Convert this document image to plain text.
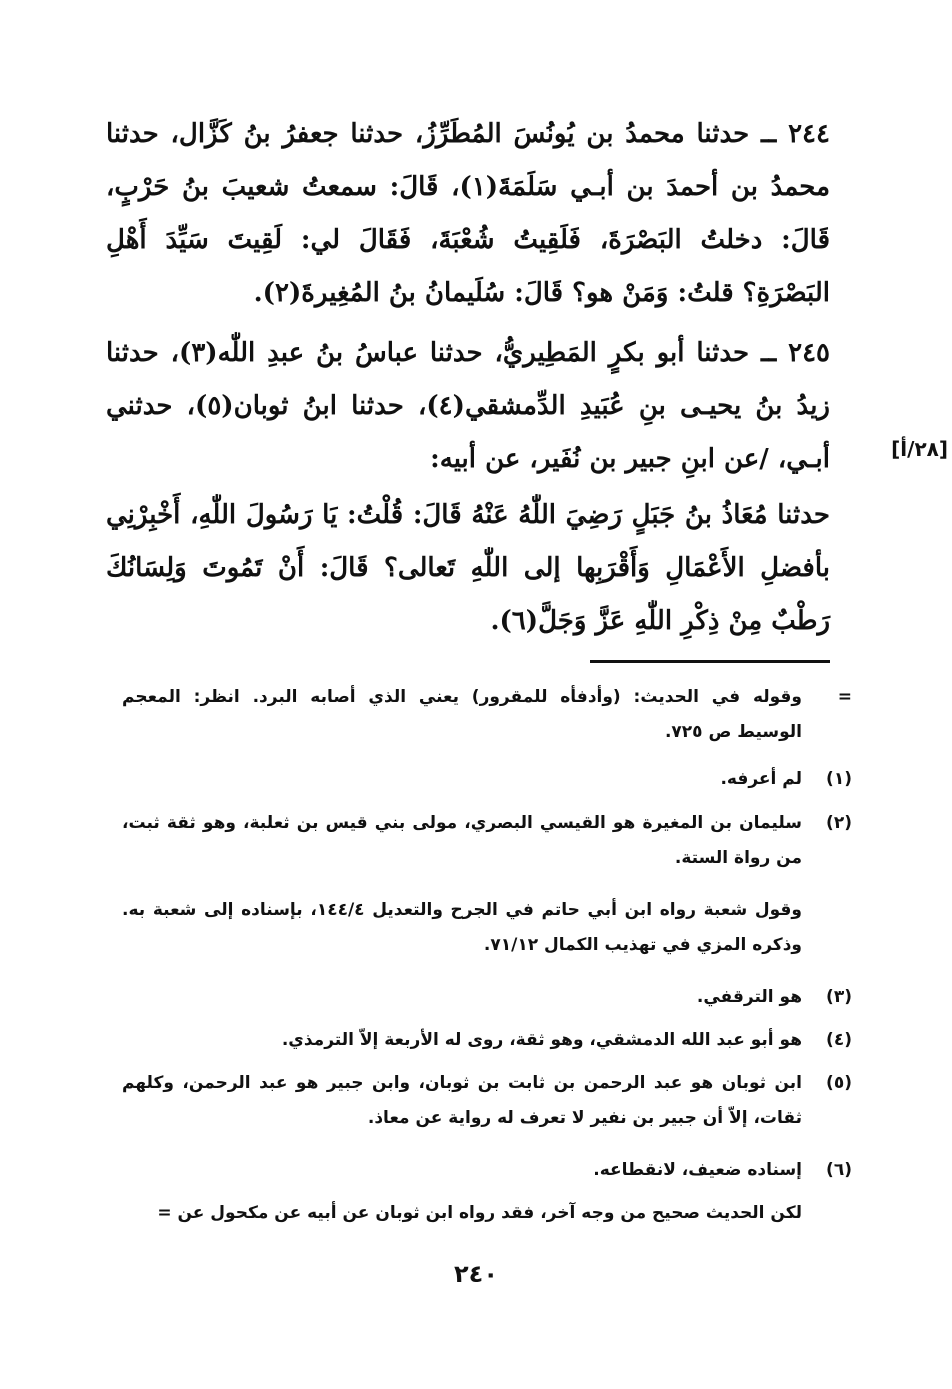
٢٤٤ ــ حدثنا محمدُ بن يُونُسَ المُطَرِّزُ، حدثنا جعفرُ بنُ كَزَّال، حدثنا محمدُ بن أحمدَ بن أبـي سَلَمَةَ(١)، قَالَ: سمعتُ شعيبَ بنُ حَرْبٍ، قَالَ: دخلتُ البَصْرَةَ، فَلَقِيتُ شُعْبَةَ، فَقَالَ لي: لَقِيتَ سَيِّدَ أَهْلِ البَصْرَةِ؟ قلتُ: وَمَنْ هو؟ قَالَ: سُلَيمانُ بنُ المُغِيرةَ(٢).
٢٤٥ ــ حدثنا أبو بكرٍ المَطِيريُّ، حدثنا عباسُ بنُ عبدِ اللّٰه(٣)، حدثنا زيدُ بنُ يحيـى بنِ عُبَيدِ الدِّمشقي(٤)، حدثنا ابنُ ثوبان(٥)، حدثني أبـي، /عن ابنِ جبير بن نُفَير، عن أبيه:
حدثنا مُعَاذُ بنُ جَبَلٍ رَضِيَ اللّٰهُ عَنْهُ قَالَ: قُلْتُ: يَا رَسُولَ اللّٰهِ، أَخْبِرْنِي بأفضلِ الأَعْمَالِ وَأَقْرَبِها إلى اللّٰهِ تَعالى؟ قَالَ: أَنْ تَمُوتَ وَلِسَانُكَ رَطْبٌ مِنْ ذِكْرِ اللّٰهِ عَزَّ وَجَلَّ(٦).
[٢٨/أ]
=
وقوله في الحديث: (وأدفأه للمقرور) يعني الذي أصابه البرد. انظر: المعجم الوسيط ص ٧٢٥.
(١)
لم أعرفه.
(٢)
سليمان بن المغيرة هو القيسي البصري، مولى بني قيس بن ثعلبة، وهو ثقة ثبت، من رواة الستة.
وقول شعبة رواه ابن أبي حاتم في الجرح والتعديل ١٤٤/٤، بإسناده إلى شعبة به. وذكره المزي في تهذيب الكمال ٧١/١٢.
(٣)
هو الترقفي.
(٤)
هو أبو عبد الله الدمشقي، وهو ثقة، روى له الأربعة إلاّ الترمذي.
(٥)
ابن ثوبان هو عبد الرحمن بن ثابت بن ثوبان، وابن جبير هو عبد الرحمن، وكلهم ثقات، إلاّ أن جبير بن نفير لا تعرف له رواية عن معاذ.
(٦)
إسناده ضعيف، لانقطاعه.
لكن الحديث صحيح من وجه آخر، فقد رواه ابن ثوبان عن أبيه عن مكحول عن =
٢٤٠
